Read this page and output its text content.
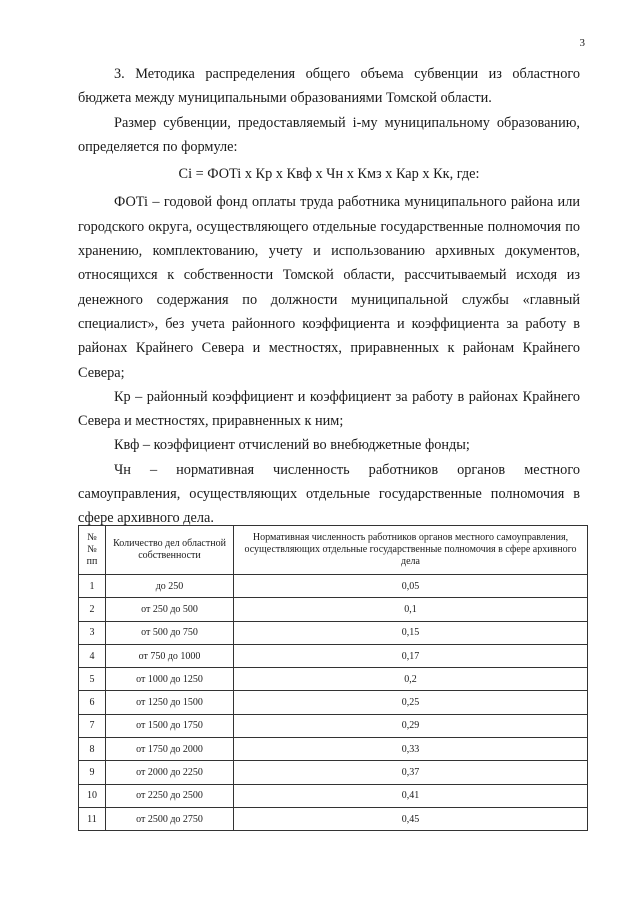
3

3. Методика распределения общего объема субвенции из областного бюджета между муниципальными образованиями Томской области.

Размер субвенции, предоставляемый i-му муниципальному образованию, определяется по формуле:

Ci = ФОTi x Кр x Квф x Чн x Кмз x Кар x Кк, где:

ФОTi – годовой фонд оплаты труда работника муниципального района или городского округа, осуществляющего отдельные государственные полномочия по хранению, комплектованию, учету и использованию архивных документов, относящихся к собственности Томской области, рассчитываемый исходя из денежного содержания по должности муниципальной службы «главный специалист», без учета районного коэффициента и коэффициента за работу в районах Крайнего Севера и местностях, приравненных к районам Крайнего Севера;

Кр – районный коэффициент и коэффициент за работу в районах Крайнего Севера и местностях, приравненных к ним;

Квф – коэффициент отчислений во внебюджетные фонды;

Чн – нормативная численность работников органов местного самоуправления, осуществляющих отдельные государственные полномочия в сфере архивного дела.

№№ пп	Количество дел областной собственности	Нормативная численность работников органов местного самоуправления, осуществляющих отдельные государственные полномочия в сфере архивного дела
1	до 250	0,05
2	от 250 до 500	0,1
3	от 500 до 750	0,15
4	от 750 до 1000	0,17
5	от 1000 до 1250	0,2
6	от 1250 до 1500	0,25
7	от 1500 до 1750	0,29
8	от 1750 до 2000	0,33
9	от 2000 до 2250	0,37
10	от 2250 до 2500	0,41
11	от 2500 до 2750	0,45
